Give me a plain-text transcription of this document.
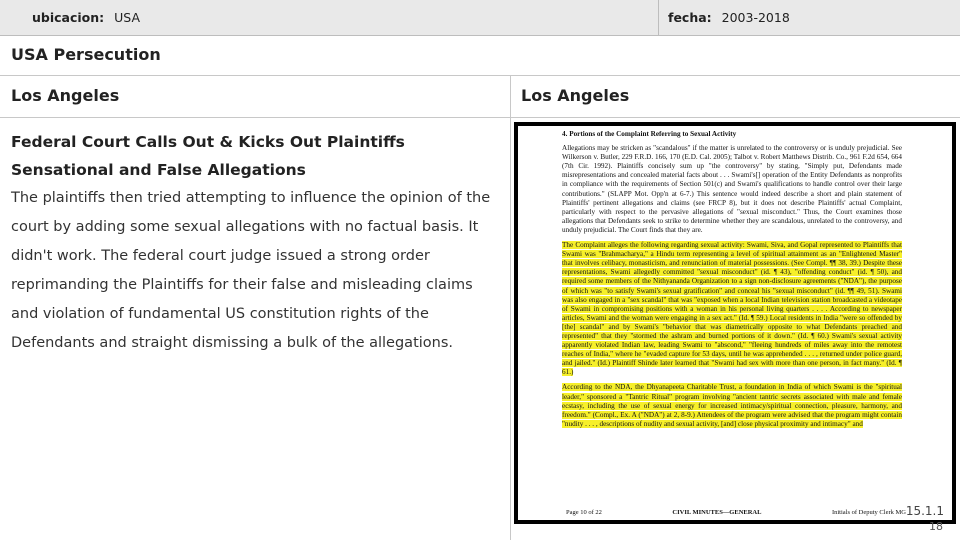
ubicacion: USA	fecha: 2003-2018
USA Persecution
Los Angeles	Los Angeles

Federal Court Calls Out & Kicks Out Plaintiffs Sensational and False Allegations

The plaintiffs then tried attempting to influence the opinion of the court by adding some sexual allegations with no factual basis. It didn't work. The federal court judge issued a strong order reprimanding the Plaintiffs for their false and misleading claims and violation of fundamental US constitution rights of the Defendants and straight dismissing a bulk of the allegations.

4. Portions of the Complaint Referring to Sexual Activity

Allegations may be stricken as "scandalous" if the matter is unrelated to the controversy or is unduly prejudicial. See Wilkerson v. Butler, 229 F.R.D. 166, 170 (E.D. Cal. 2005); Talbot v. Robert Matthews Distrib. Co., 961 F.2d 654, 664 (7th Cir. 1992). Plaintiffs concisely sum up "the controversy" by stating, "Simply put, Defendants made misrepresentations and concealed material facts about . . . Swami's[] operation of the Entity Defendants as nonprofits in compliance with the requirements of Section 501(c) and Swami's qualifications to handle control over their large contributions." (SLAPP Mot. Opp'n at 6-7.) This sentence would indeed describe a short and plain statement of Plaintiffs' pertinent allegations and claims (see FRCP 8), but it does not describe Plaintiffs' actual Complaint, particularly with respect to the pervasive allegations of "sexual misconduct." Thus, the Court examines those allegations that Defendants seek to strike to determine whether they are scandalous, unrelated to the controversy, and unduly prejudicial. The Court finds that they are.

The Complaint alleges the following regarding sexual activity: Swami, Siva, and Gopal represented to Plaintiffs that Swami was "Brahmacharya," a Hindu term representing a level of spiritual attainment as an "Enlightened Master" that involves celibacy, monasticism, and renunciation of material possessions. (See Compl. ¶¶ 38, 39.) Despite these representations, Swami allegedly committed "sexual misconduct" (id. ¶ 43), "offending conduct" (id. ¶ 50), and required some members of the Nithyananda Organization to a sign non-disclosure agreements ("NDA"), the purpose of which was "to satisfy Swami's sexual gratification" and conceal his "sexual misconduct" (id. ¶¶ 49, 51). Swami was also engaged in a "sex scandal" that was "exposed when a local Indian television station broadcasted a videotape of Swami in compromising positions with a woman in his personal living quarters . . . . According to newspaper articles, Swami and the woman were engaging in a sex act." (Id. ¶ 59.) Local residents in India "were so offended by [the] scandal" and by Swami's "behavior that was diametrically opposite to what Defendants preached and represented" that they "stormed the ashram and burned portions of it down." (Id. ¶ 60.) Swami's sexual activity apparently violated Indian law, leading Swami to "abscond," "fleeing hundreds of miles away into the remotest reaches of India," where he "evaded capture for 53 days, until he was apprehended . . . , returned under police guard, and jailed." (Id.) Plaintiff Shinde later learned that "Swami had sex with more than one person, in fact many." (Id. ¶ 61.)

According to the NDA, the Dhyanapeeta Charitable Trust, a foundation in India of which Swami is the "spiritual leader," sponsored a "Tantric Ritual" program involving "ancient tantric secrets associated with male and female ecstasy, including the use of sexual energy for increased intimacy/spiritual connection, pleasure, harmony, and freedom." (Compl., Ex. A ("NDA") at 2, 8-9.) Attendees of the program were advised that the program might contain "nudity . . . , descriptions of nudity and sexual activity, [and] close physical proximity and intimacy" and

Page 10 of 22	CIVIL MINUTES—GENERAL	Initials of Deputy Clerk MG 15.1.1
18
